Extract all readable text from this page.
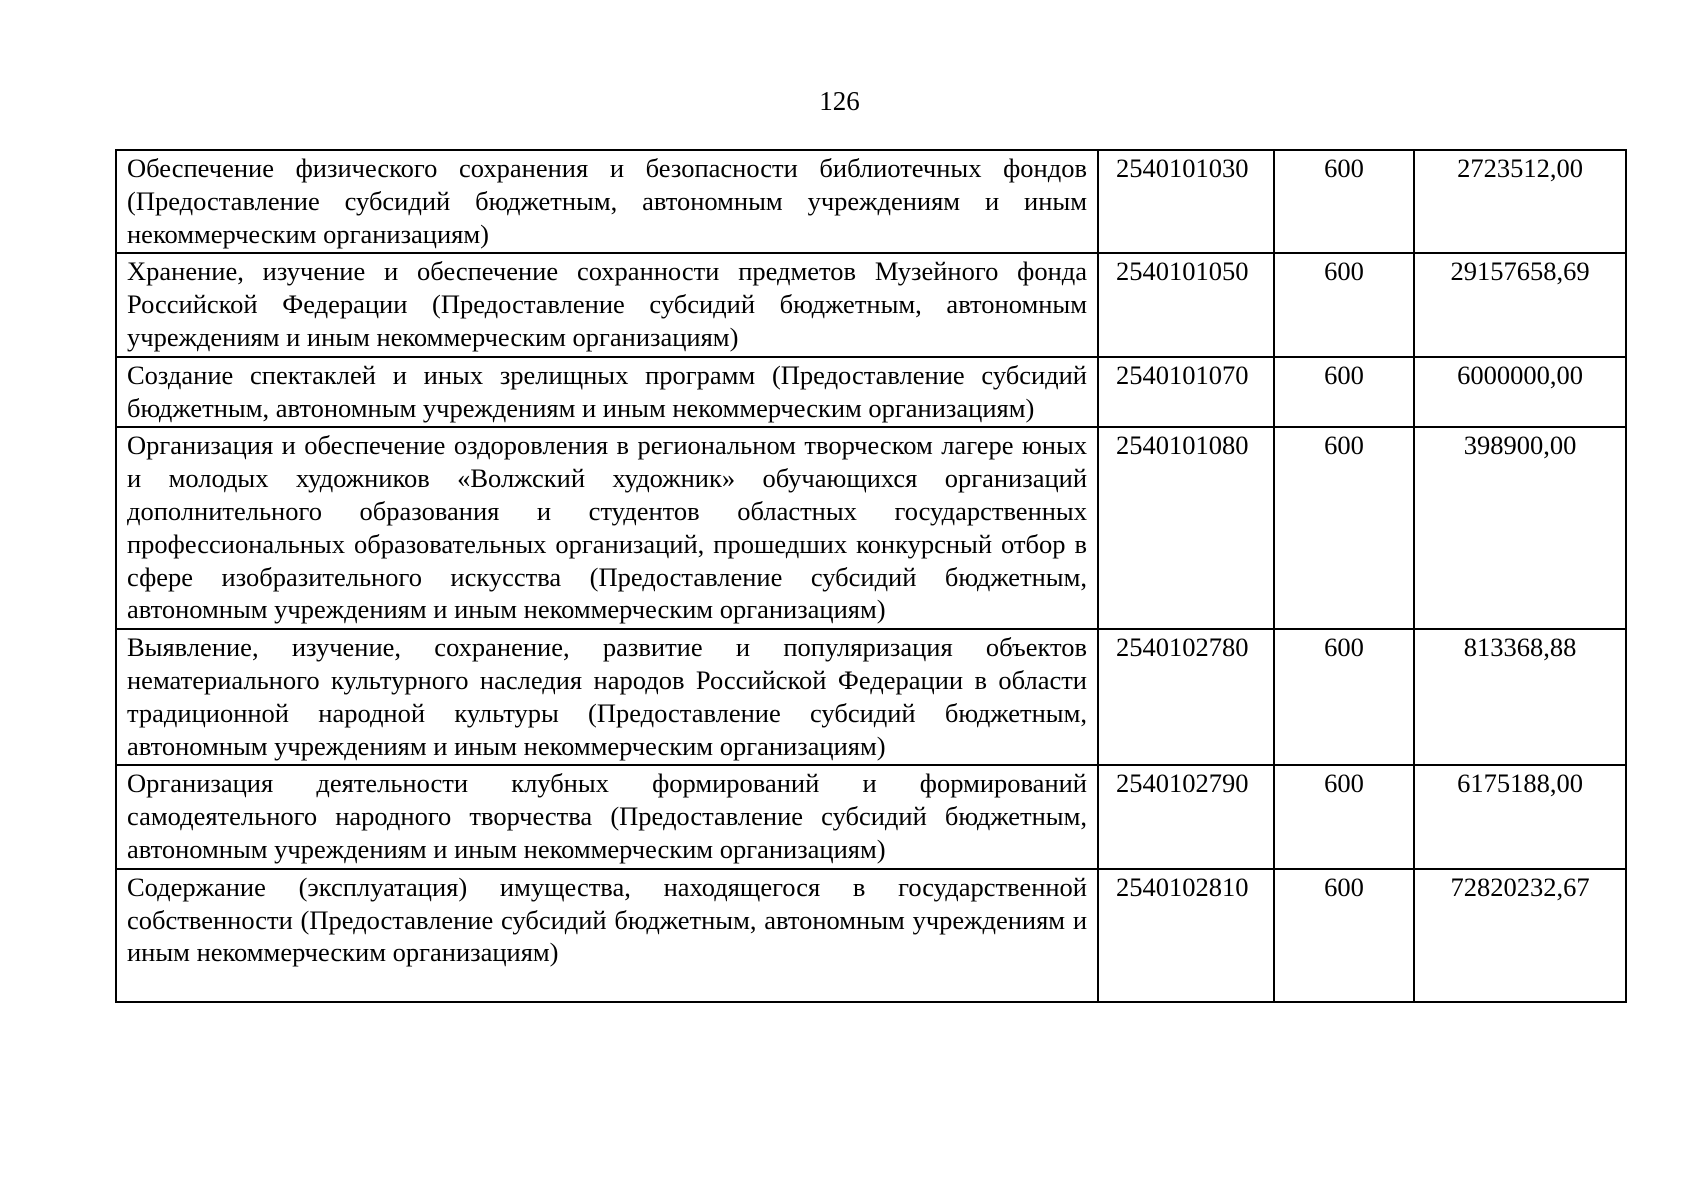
126
Обеспечение физического сохранения и безопасности библиотечных фондов (Предоставление субсидий бюджетным, автономным учреждениям и иным некоммерческим организациям)	2540101030	600	2723512,00
Хранение, изучение и обеспечение сохранности предметов Музейного фонда Российской Федерации (Предоставление субсидий бюджетным, автономным учреждениям и иным некоммерческим организациям)	2540101050	600	29157658,69
Создание спектаклей и иных зрелищных программ (Предоставление субсидий бюджетным, автономным учреждениям и иным некоммерческим организациям)	2540101070	600	6000000,00
Организация и обеспечение оздоровления в региональном творческом лагере юных и молодых художников «Волжский художник» обучающихся организаций дополнительного образования и студентов областных государственных профессиональных образовательных организаций, прошедших конкурсный отбор в сфере изобразительного искусства (Предоставление субсидий бюджетным, автономным учреждениям и иным некоммерческим организациям)	2540101080	600	398900,00
Выявление, изучение, сохранение, развитие и популяризация объектов нематериального культурного наследия народов Российской Федерации в области традиционной народной культуры (Предоставление субсидий бюджетным, автономным учреждениям и иным некоммерческим организациям)	2540102780	600	813368,88
Организация деятельности клубных формирований и формирований самодеятельного народного творчества (Предоставление субсидий бюджетным, автономным учреждениям и иным некоммерческим организациям)	2540102790	600	6175188,00
Содержание (эксплуатация) имущества, находящегося в государственной собственности (Предоставление субсидий бюджетным, автономным учреждениям и иным некоммерческим организациям)	2540102810	600	72820232,67
